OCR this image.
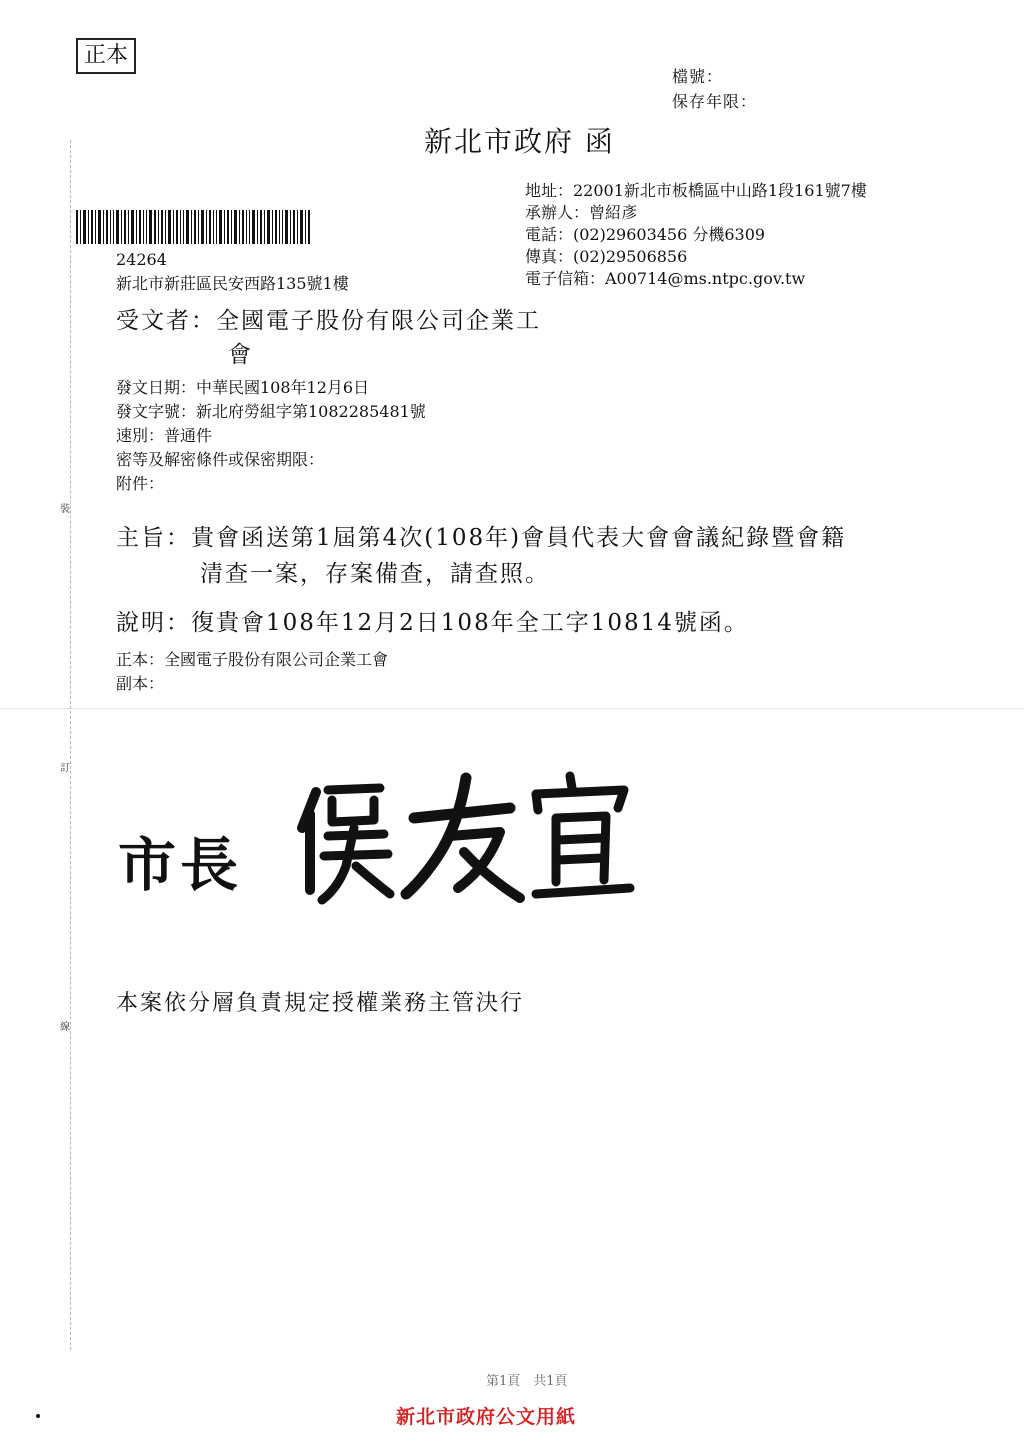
正本
檔號：
保存年限：
新北市政府 函
地址：22001新北市板橋區中山路1段161號7樓
承辦人：曾紹彥
電話：(02)29603456 分機6309
傳真：(02)29506856
電子信箱：A00714@ms.ntpc.gov.tw
24264
新北市新莊區民安西路135號1樓
受文者：全國電子股份有限公司企業工
會
發文日期：中華民國108年12月6日
發文字號：新北府勞組字第1082285481號
速別：普通件
密等及解密條件或保密期限：
附件：
主旨：貴會函送第1屆第4次(108年)會員代表大會會議紀錄暨會籍
清查一案，存案備查，請查照。
說明：復貴會108年12月2日108年全工字10814號函。
正本：全國電子股份有限公司企業工會
副本：
裝
訂
線
市長
本案依分層負責規定授權業務主管決行
第1頁　共1頁
新北市政府公文用紙
